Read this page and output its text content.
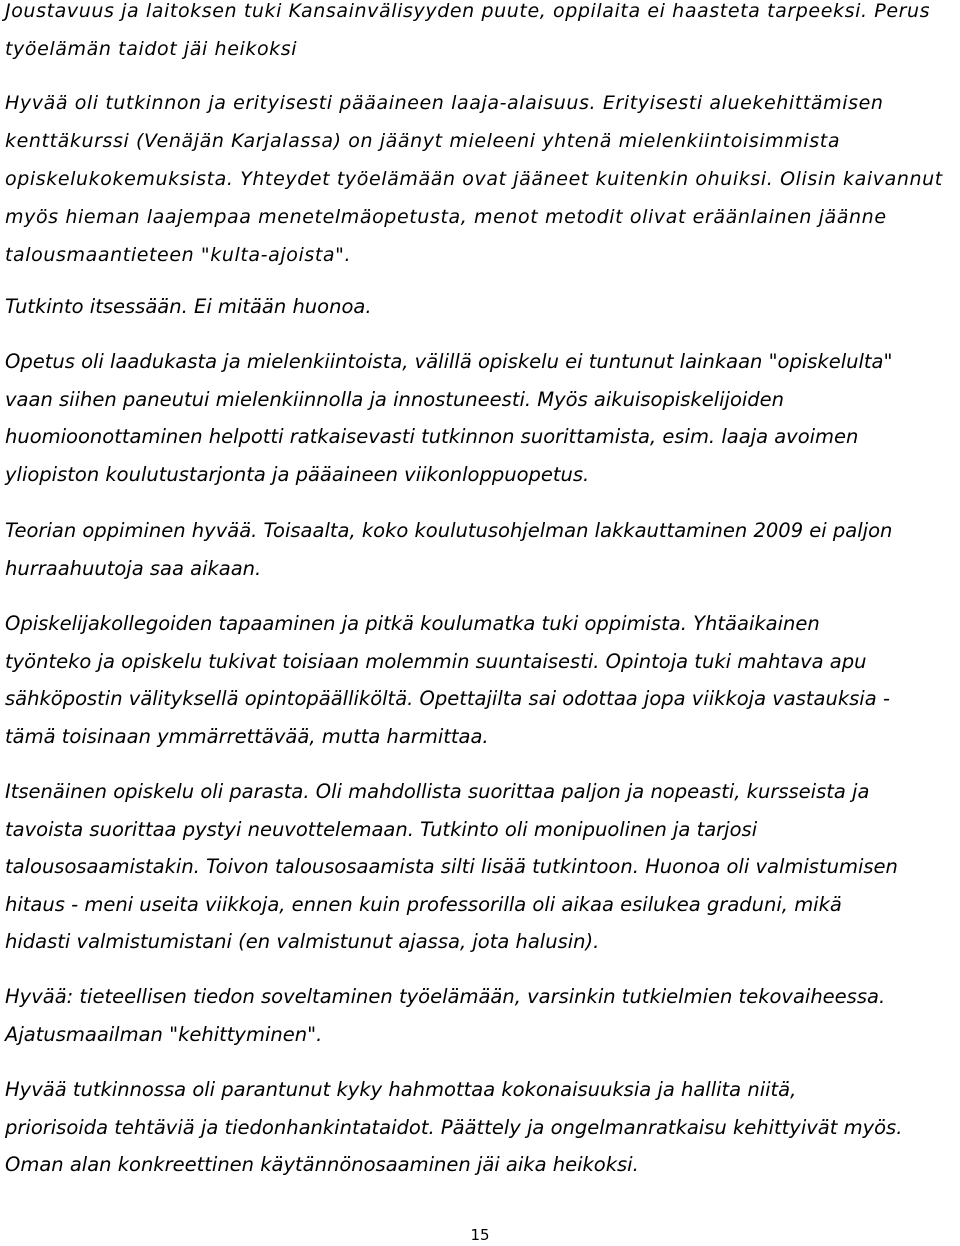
Joustavuus ja laitoksen tuki Kansainvälisyyden puute, oppilaita ei haasteta tarpeeksi. Perus
työelämän taidot jäi heikoksi

Hyvää oli tutkinnon ja erityisesti pääaineen laaja-alaisuus. Erityisesti aluekehittämisen
kenttäkurssi (Venäjän Karjalassa) on jäänyt mieleeni yhtenä mielenkiintoisimmista
opiskelukokemuksista. Yhteydet työelämään ovat jääneet kuitenkin ohuiksi. Olisin kaivannut
myös hieman laajempaa menetelmäopetusta, menot metodit olivat eräänlainen jäänne
talousmaantieteen "kulta-ajoista".

Tutkinto itsessään. Ei mitään huonoa.

Opetus oli laadukasta ja mielenkiintoista, välillä opiskelu ei tuntunut lainkaan "opiskelulta"
vaan siihen paneutui mielenkiinnolla ja innostuneesti. Myös aikuisopiskelijoiden
huomioonottaminen helpotti ratkaisevasti tutkinnon suorittamista, esim. laaja avoimen
yliopiston koulutustarjonta ja pääaineen viikonloppuopetus.

Teorian oppiminen hyvää. Toisaalta, koko koulutusohjelman lakkauttaminen 2009 ei paljon
hurraahuutoja saa aikaan.

Opiskelijakollegoiden tapaaminen ja pitkä koulumatka tuki oppimista. Yhtäaikainen
työnteko ja opiskelu tukivat toisiaan molemmin suuntaisesti. Opintoja tuki mahtava apu
sähköpostin välityksellä opintopäälliköltä. Opettajilta sai odottaa jopa viikkoja vastauksia -
tämä toisinaan ymmärrettävää, mutta harmittaa.

Itsenäinen opiskelu oli parasta. Oli mahdollista suorittaa paljon ja nopeasti, kursseista ja
tavoista suorittaa pystyi neuvottelemaan. Tutkinto oli monipuolinen ja tarjosi
talousosaamistakin. Toivon talousosaamista silti lisää tutkintoon. Huonoa oli valmistumisen
hitaus - meni useita viikkoja, ennen kuin professorilla oli aikaa esilukea graduni, mikä
hidasti valmistumistani (en valmistunut ajassa, jota halusin).

Hyvää: tieteellisen tiedon soveltaminen työelämään, varsinkin tutkielmien tekovaiheessa.
Ajatusmaailman "kehittyminen".

Hyvää tutkinnossa oli parantunut kyky hahmottaa kokonaisuuksia ja hallita niitä,
priorisoida tehtäviä ja tiedonhankintataidot. Päättely ja ongelmanratkaisu kehittyivät myös.
Oman alan konkreettinen käytännönosaaminen jäi aika heikoksi.

15
